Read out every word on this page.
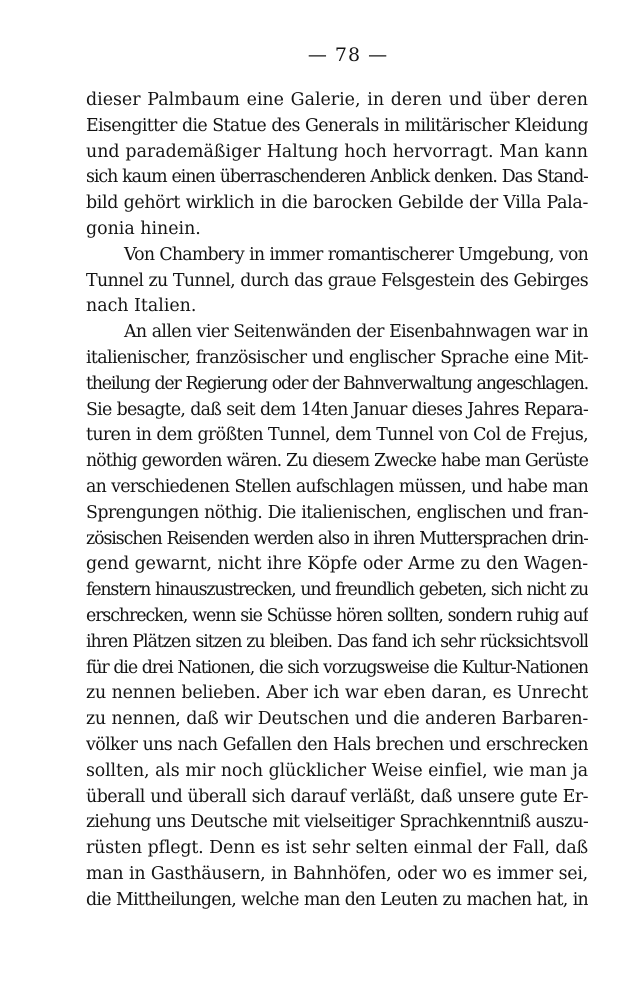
— 78 —
dieser Palmbaum eine Galerie, in deren und über deren
Eisengitter die Statue des Generals in militärischer Kleidung
und parademäßiger Haltung hoch hervorragt. Man kann
sich kaum einen überraschenderen Anblick denken. Das Stand-
bild gehört wirklich in die barocken Gebilde der Villa Pala-
gonia hinein.
Von Chambery in immer romantischerer Umgebung, von
Tunnel zu Tunnel, durch das graue Felsgestein des Gebirges
nach Italien.
An allen vier Seitenwänden der Eisenbahnwagen war in
italienischer, französischer und englischer Sprache eine Mit-
theilung der Regierung oder der Bahnverwaltung angeschlagen.
Sie besagte, daß seit dem 14ten Januar dieses Jahres Repara-
turen in dem größten Tunnel, dem Tunnel von Col de Frejus,
nöthig geworden wären. Zu diesem Zwecke habe man Gerüste
an verschiedenen Stellen aufschlagen müssen, und habe man
Sprengungen nöthig. Die italienischen, englischen und fran-
zösischen Reisenden werden also in ihren Muttersprachen drin-
gend gewarnt, nicht ihre Köpfe oder Arme zu den Wagen-
fenstern hinauszustrecken, und freundlich gebeten, sich nicht zu
erschrecken, wenn sie Schüsse hören sollten, sondern ruhig auf
ihren Plätzen sitzen zu bleiben. Das fand ich sehr rücksichtsvoll
für die drei Nationen, die sich vorzugsweise die Kultur-Nationen
zu nennen belieben. Aber ich war eben daran, es Unrecht
zu nennen, daß wir Deutschen und die anderen Barbaren-
völker uns nach Gefallen den Hals brechen und erschrecken
sollten, als mir noch glücklicher Weise einfiel, wie man ja
überall und überall sich darauf verläßt, daß unsere gute Er-
ziehung uns Deutsche mit vielseitiger Sprachkenntniß auszu-
rüsten pflegt. Denn es ist sehr selten einmal der Fall, daß
man in Gasthäusern, in Bahnhöfen, oder wo es immer sei,
die Mittheilungen, welche man den Leuten zu machen hat, in
